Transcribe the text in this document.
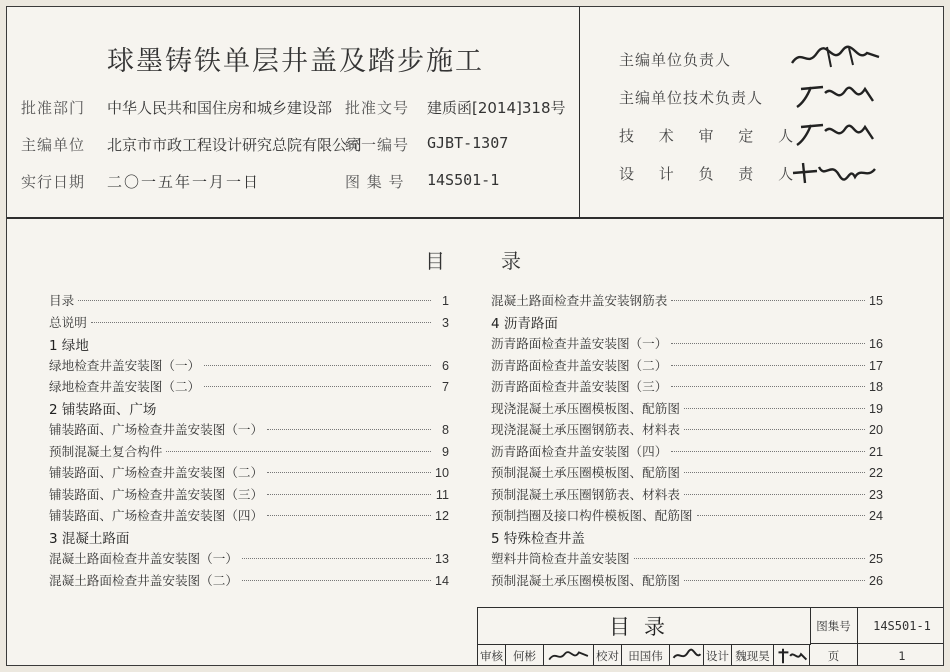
球墨铸铁单层井盖及踏步施工
批准部门 中华人民共和国住房和城乡建设部 批准文号 建质函[2014]318号
主编单位 北京市市政工程设计研究总院有限公司
统一编号 GJBT-1307
实行日期 二〇一五年一月一日	图 集 号 14S501-1
主编单位负责人
主编单位技术负责人
技 术 审 定 人
设 计 负 责 人
目	录
目录	1
总说明	3
1 绿地
绿地检查井盖安装图（一）	6
绿地检查井盖安装图（二）	7
2 铺装路面、广场
铺装路面、广场检查井盖安装图（一）	8
预制混凝土复合构件	9
铺装路面、广场检查井盖安装图（二）	10
铺装路面、广场检查井盖安装图（三）	11
铺装路面、广场检查井盖安装图（四）	12
3 混凝土路面
混凝土路面检查井盖安装图（一）	13
混凝土路面检查井盖安装图（二）	14
混凝土路面检查井盖安装钢筋表	15
4 沥青路面
沥青路面检查井盖安装图（一）	16
沥青路面检查井盖安装图（二）	17
沥青路面检查井盖安装图（三）	18
现浇混凝土承压圈模板图、配筋图	19
现浇混凝土承压圈钢筋表、材料表	20
沥青路面检查井盖安装图（四）	21
预制混凝土承压圈模板图、配筋图	22
预制混凝土承压圈钢筋表、材料表	23
预制挡圈及接口构件模板图、配筋图	24
5 特殊检查井盖
塑料井筒检查井盖安装图	25
预制混凝土承压圈模板图、配筋图	26
目录	图集号	14S501-1
审核 何彬	校对 田国伟	设计 魏现昊	页	1
